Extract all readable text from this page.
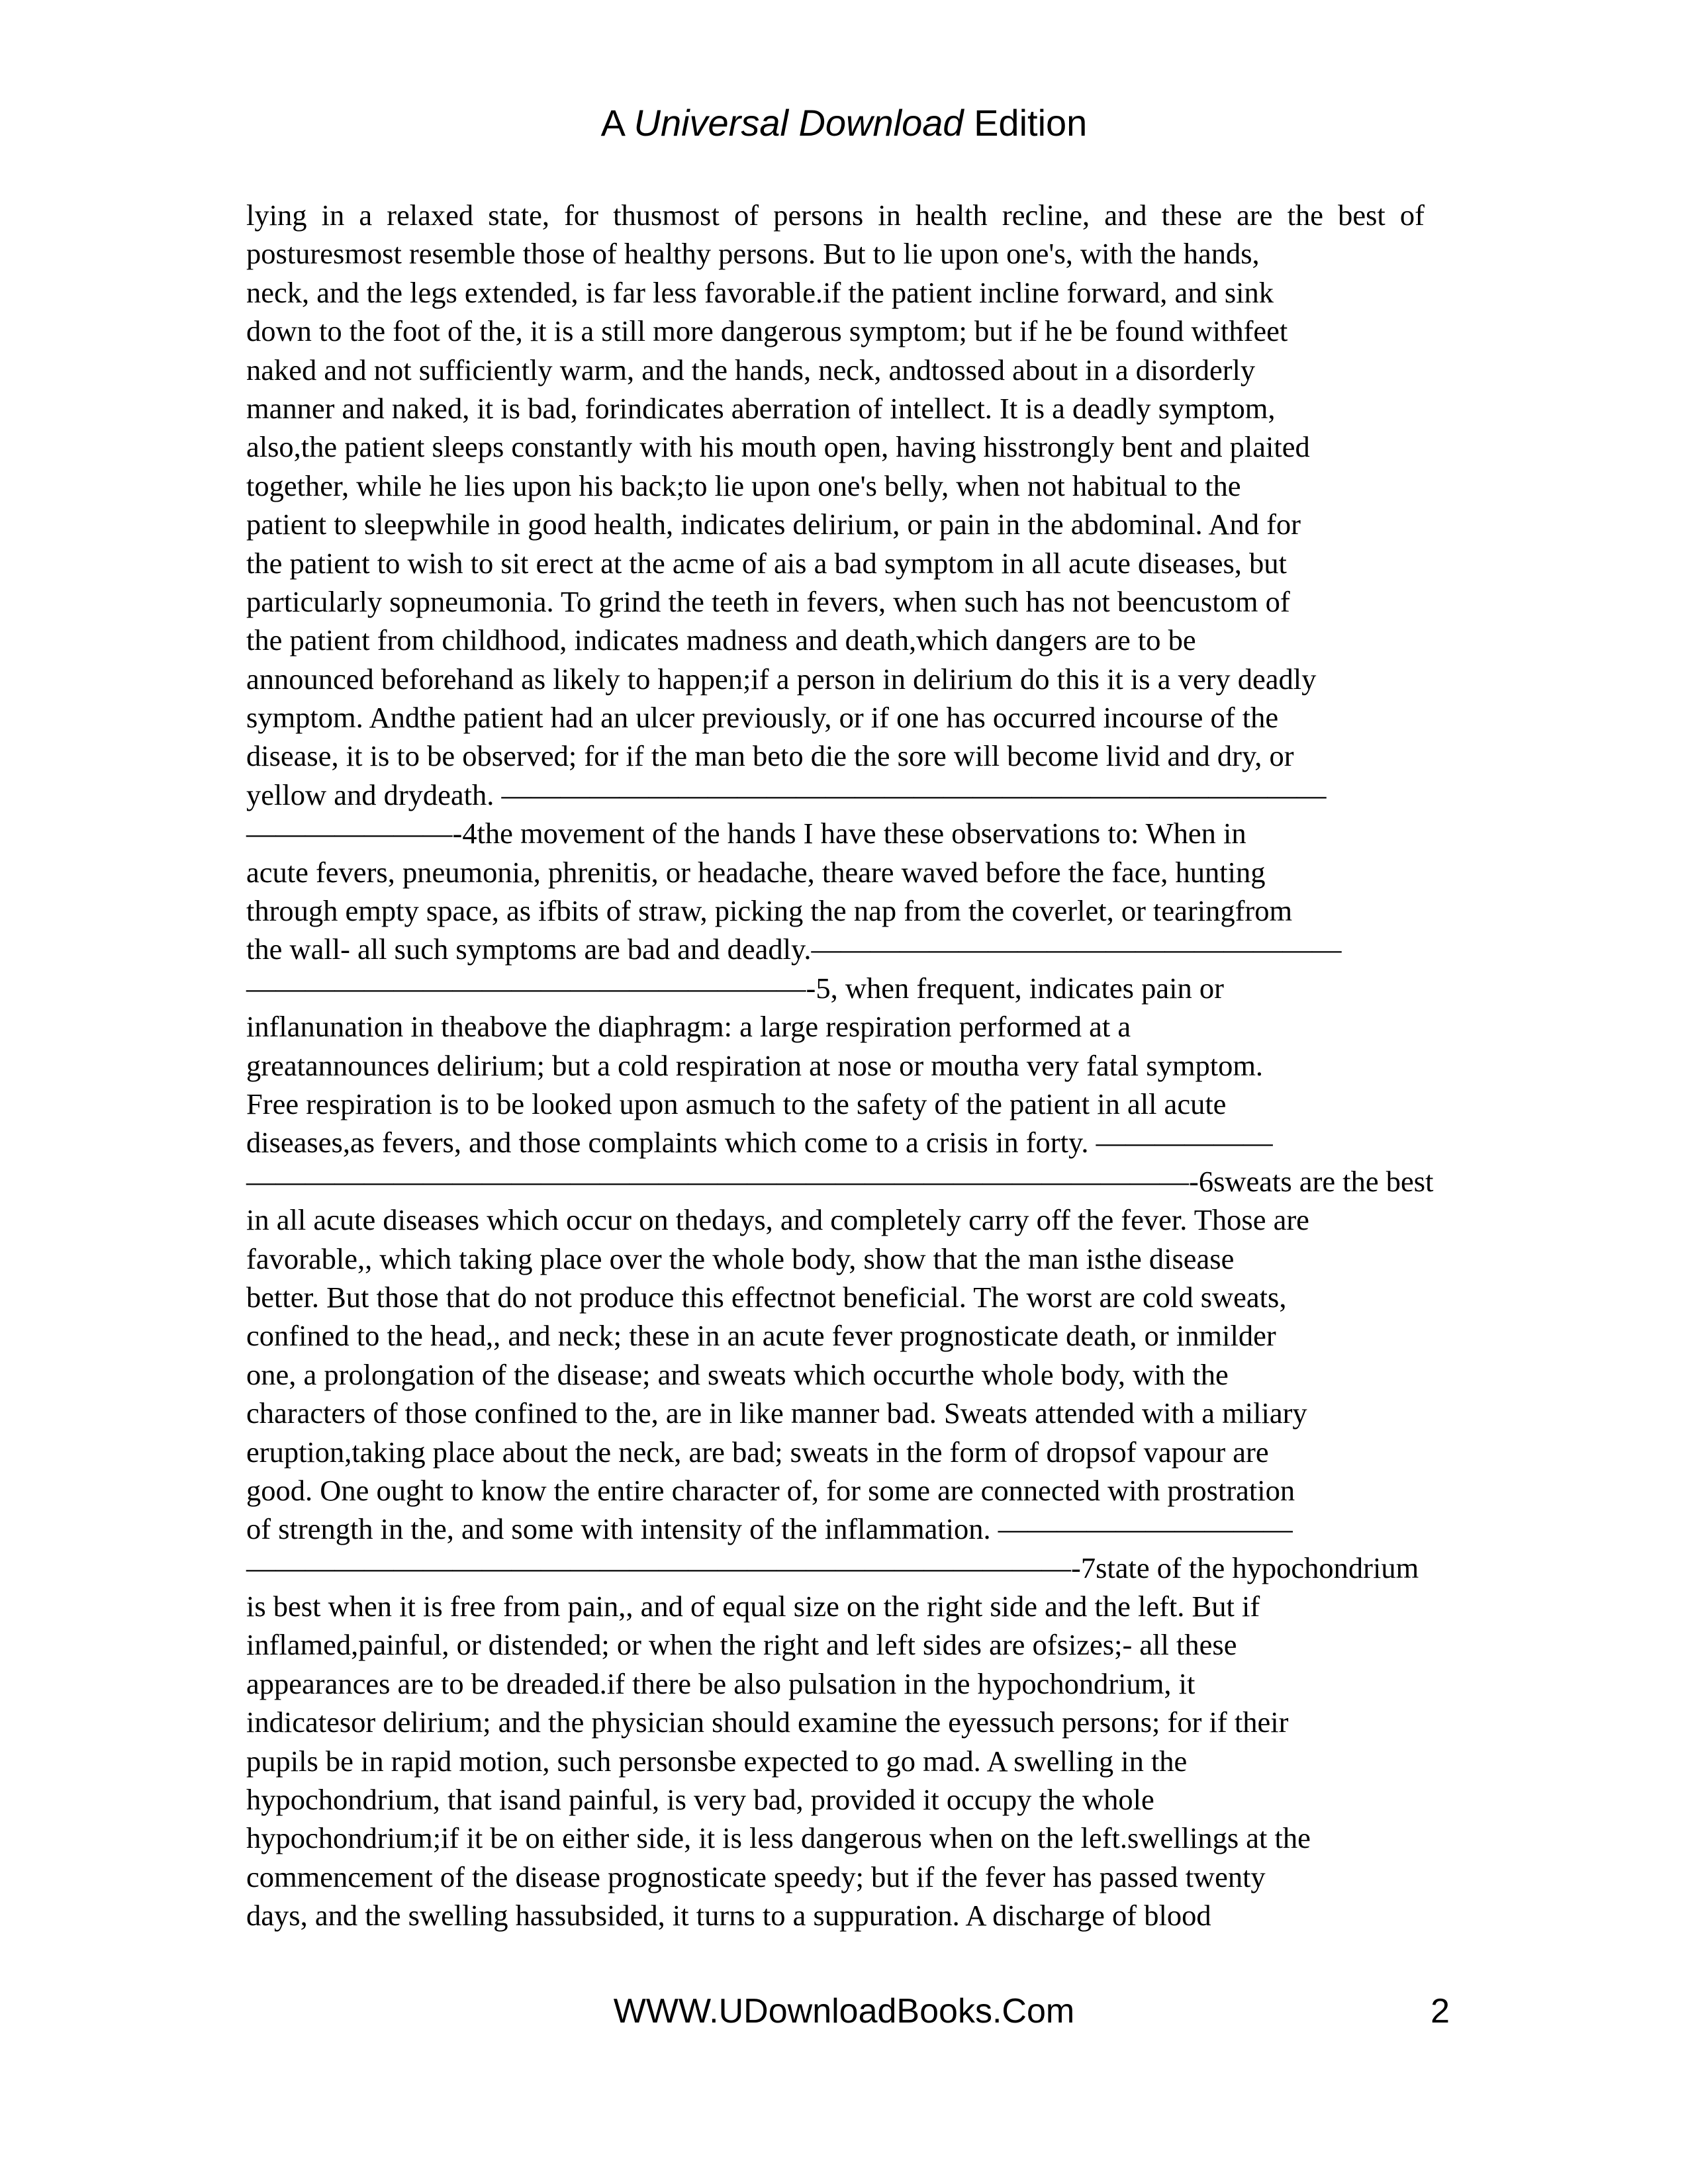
A Universal Download Edition
lying in a relaxed state, for thusmost of persons in health recline, and these are the best of
posturesmost resemble those of healthy persons. But to lie upon one's, with the hands,
neck, and the legs extended, is far less favorable.if the patient incline forward, and sink
down to the foot of the, it is a still more dangerous symptom; but if he be found withfeet
naked and not sufficiently warm, and the hands, neck, andtossed about in a disorderly
manner and naked, it is bad, forindicates aberration of intellect. It is a deadly symptom,
also,the patient sleeps constantly with his mouth open, having hisstrongly bent and plaited
together, while he lies upon his back;to lie upon one's belly, when not habitual to the
patient to sleepwhile in good health, indicates delirium, or pain in the abdominal. And for
the patient to wish to sit erect at the acme of ais a bad symptom in all acute diseases, but
particularly sopneumonia. To grind the teeth in fevers, when such has not beencustom of
the patient from childhood, indicates madness and death,which dangers are to be
announced beforehand as likely to happen;if a person in delirium do this it is a very deadly
symptom. Andthe patient had an ulcer previously, or if one has occurred incourse of the
disease, it is to be observed; for if the man beto die the sore will become livid and dry, or
yellow and drydeath. ————————————————————————————
———————-4the movement of the hands I have these observations to: When in
acute fevers, pneumonia, phrenitis, or headache, theare waved before the face, hunting
through empty space, as ifbits of straw, picking the nap from the coverlet, or tearingfrom
the wall- all such symptoms are bad and deadly.——————————————————
———————————————————-5, when frequent, indicates pain or
inflanunation in theabove the diaphragm: a large respiration performed at a
greatannounces delirium; but a cold respiration at nose or moutha very fatal symptom.
Free respiration is to be looked upon asmuch to the safety of the patient in all acute
diseases,as fevers, and those complaints which come to a crisis in forty. ——————
————————————————————————————————-6sweats are the best
in all acute diseases which occur on thedays, and completely carry off the fever. Those are
favorable,, which taking place over the whole body, show that the man isthe disease
better. But those that do not produce this effectnot beneficial. The worst are cold sweats,
confined to the head,, and neck; these in an acute fever prognosticate death, or inmilder
one, a prolongation of the disease; and sweats which occurthe whole body, with the
characters of those confined to the, are in like manner bad. Sweats attended with a miliary
eruption,taking place about the neck, are bad; sweats in the form of dropsof vapour are
good. One ought to know the entire character of, for some are connected with prostration
of strength in the, and some with intensity of the inflammation. ——————————
————————————————————————————-7state of the hypochondrium
is best when it is free from pain,, and of equal size on the right side and the left. But if
inflamed,painful, or distended; or when the right and left sides are ofsizes;- all these
appearances are to be dreaded.if there be also pulsation in the hypochondrium, it
indicatesor delirium; and the physician should examine the eyessuch persons; for if their
pupils be in rapid motion, such personsbe expected to go mad. A swelling in the
hypochondrium, that isand painful, is very bad, provided it occupy the whole
hypochondrium;if it be on either side, it is less dangerous when on the left.swellings at the
commencement of the disease prognosticate speedy; but if the fever has passed twenty
days, and the swelling hassubsided, it turns to a suppuration. A discharge of blood
WWW.UDownloadBooks.Com	2
